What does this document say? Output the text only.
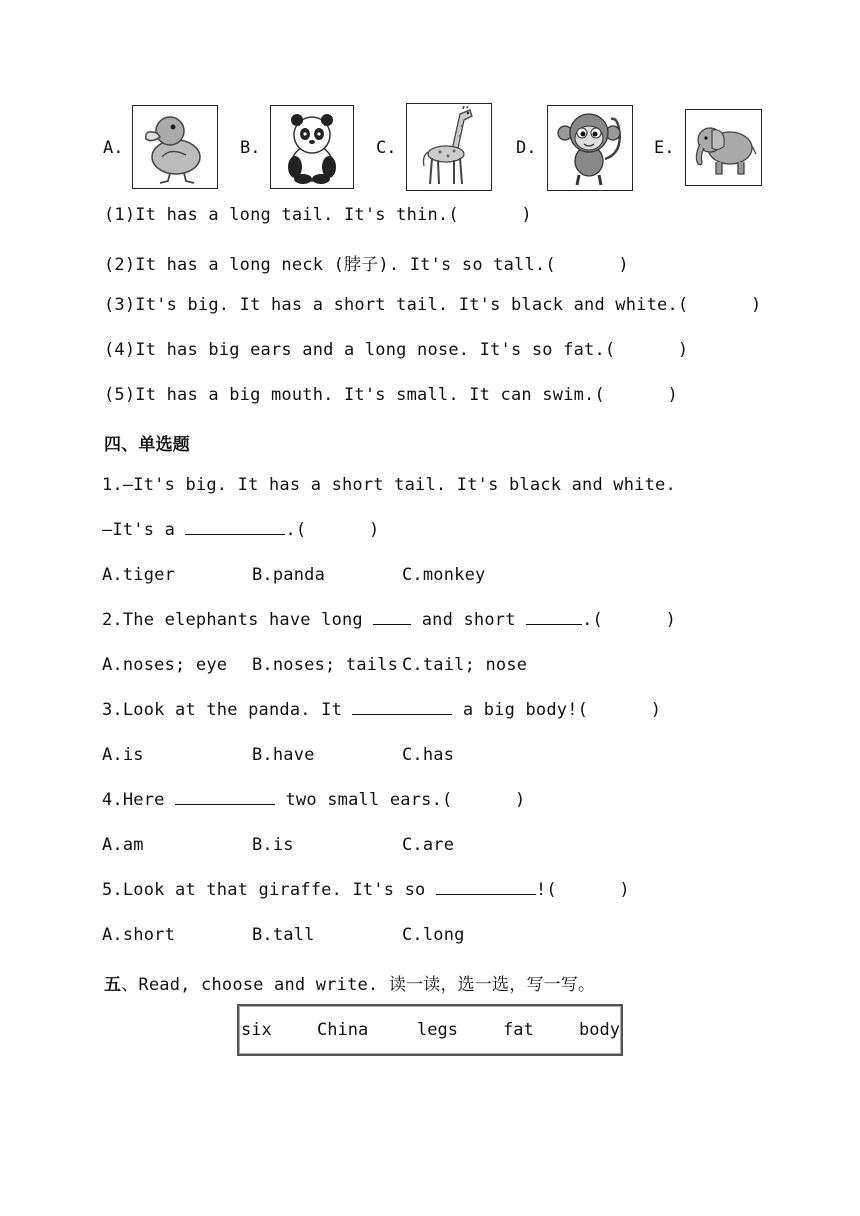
A.	B.	C.	D.	E.
(1)It has a long tail. It's thin.(      )
(2)It has a long neck (脖子). It's so tall.(      )
(3)It's big. It has a short tail. It's black and white.(      )
(4)It has big ears and a long nose. It's so fat.(      )
(5)It has a big mouth. It's small. It can swim.(      )
四、单选题
1.—It's big. It has a short tail. It's black and white.
—It's a	.(      )
A.tiger	B.panda	C.monkey
2.The elephants have long  and short	.(      )
A.noses; eye B.noses; tails C.tail; nose
3.Look at the panda. It	a big body!(      )
A.is	B.have	C.has
4.Here	two small ears.(      )
A.am	B.is	C.are
5.Look at that giraffe. It's so	!(      )
A.short	B.tall	C.long
五、Read, choose and write. 读一读，选一选，写一写。
six	China	legs	fat	body
